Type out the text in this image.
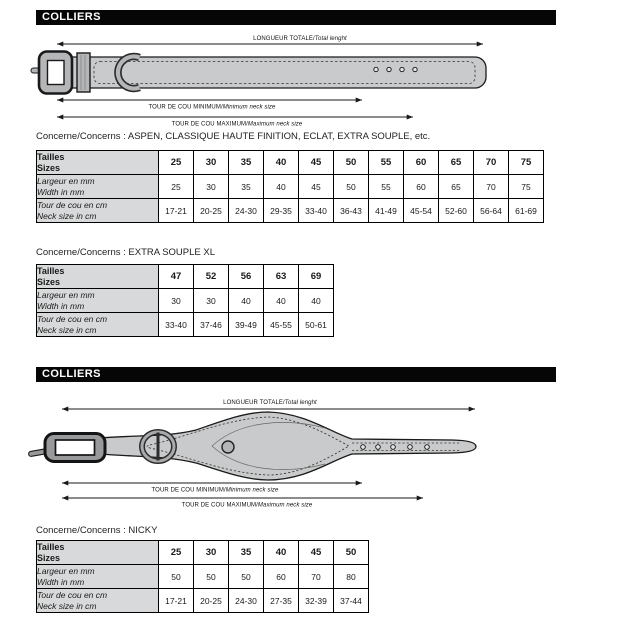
COLLIERS
LONGUEUR TOTALE/Total lenght
TOUR DE COU MINIMUM/Minimum neck size
TOUR DE COU MAXIMUM/Maximum neck size
Concerne/Concerns : ASPEN, CLASSIQUE HAUTE FINITION, ECLAT, EXTRA SOUPLE, etc.
Tailles
Sizes	25	30	35	40	45	50	55	60	65	70	75

Largeur en mm
Width in mm	25	30	35	40	45	50	55	60	65	70	75

Tour de cou en cm
Neck size in cm	17-21	20-25	24-30	29-35	33-40	36-43	41-49	45-54	52-60	56-64	61-69
Concerne/Concerns : EXTRA SOUPLE XL
Tailles
Sizes	47	52	56	63	69

Largeur en mm
Width in mm	30	30	40	40	40

Tour de cou en cm
Neck size in cm	33-40	37-46	39-49	45-55	50-61
COLLIERS
LONGUEUR TOTALE/Total lenght
TOUR DE COU MINIMUM/Minimum neck size
TOUR DE COU MAXIMUM/Maximum neck size
Concerne/Concerns : NICKY
Tailles
Sizes	25	30	35	40	45	50

Largeur en mm
Width in mm	50	50	50	60	70	80

Tour de cou en cm
Neck size in cm	17-21	20-25	24-30	27-35	32-39	37-44
